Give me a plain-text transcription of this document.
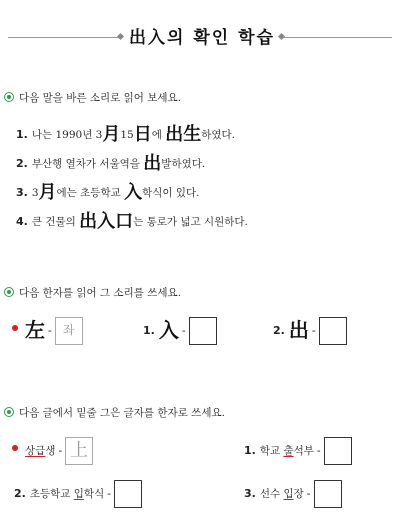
出入의 확인 학습
다음 말을 바른 소리로 읽어 보세요.
1. 나는 1990년 3月15日에 出生하였다.
2. 부산행 열차가 서울역을 出발하였다.
3. 3月에는 초등학교 入학식이 있다.
4. 큰 건물의 出入口는 통로가 넓고 시원하다.
다음 한자를 읽어 그 소리를 쓰세요.
左 - 좌	1. 入 -	2. 出 -
다음 글에서 밑줄 그은 글자를 한자로 쓰세요.
상급생 - 上	1. 학교 출석부 -
2. 초등학교 입학식 -	3. 선수 입장 -
